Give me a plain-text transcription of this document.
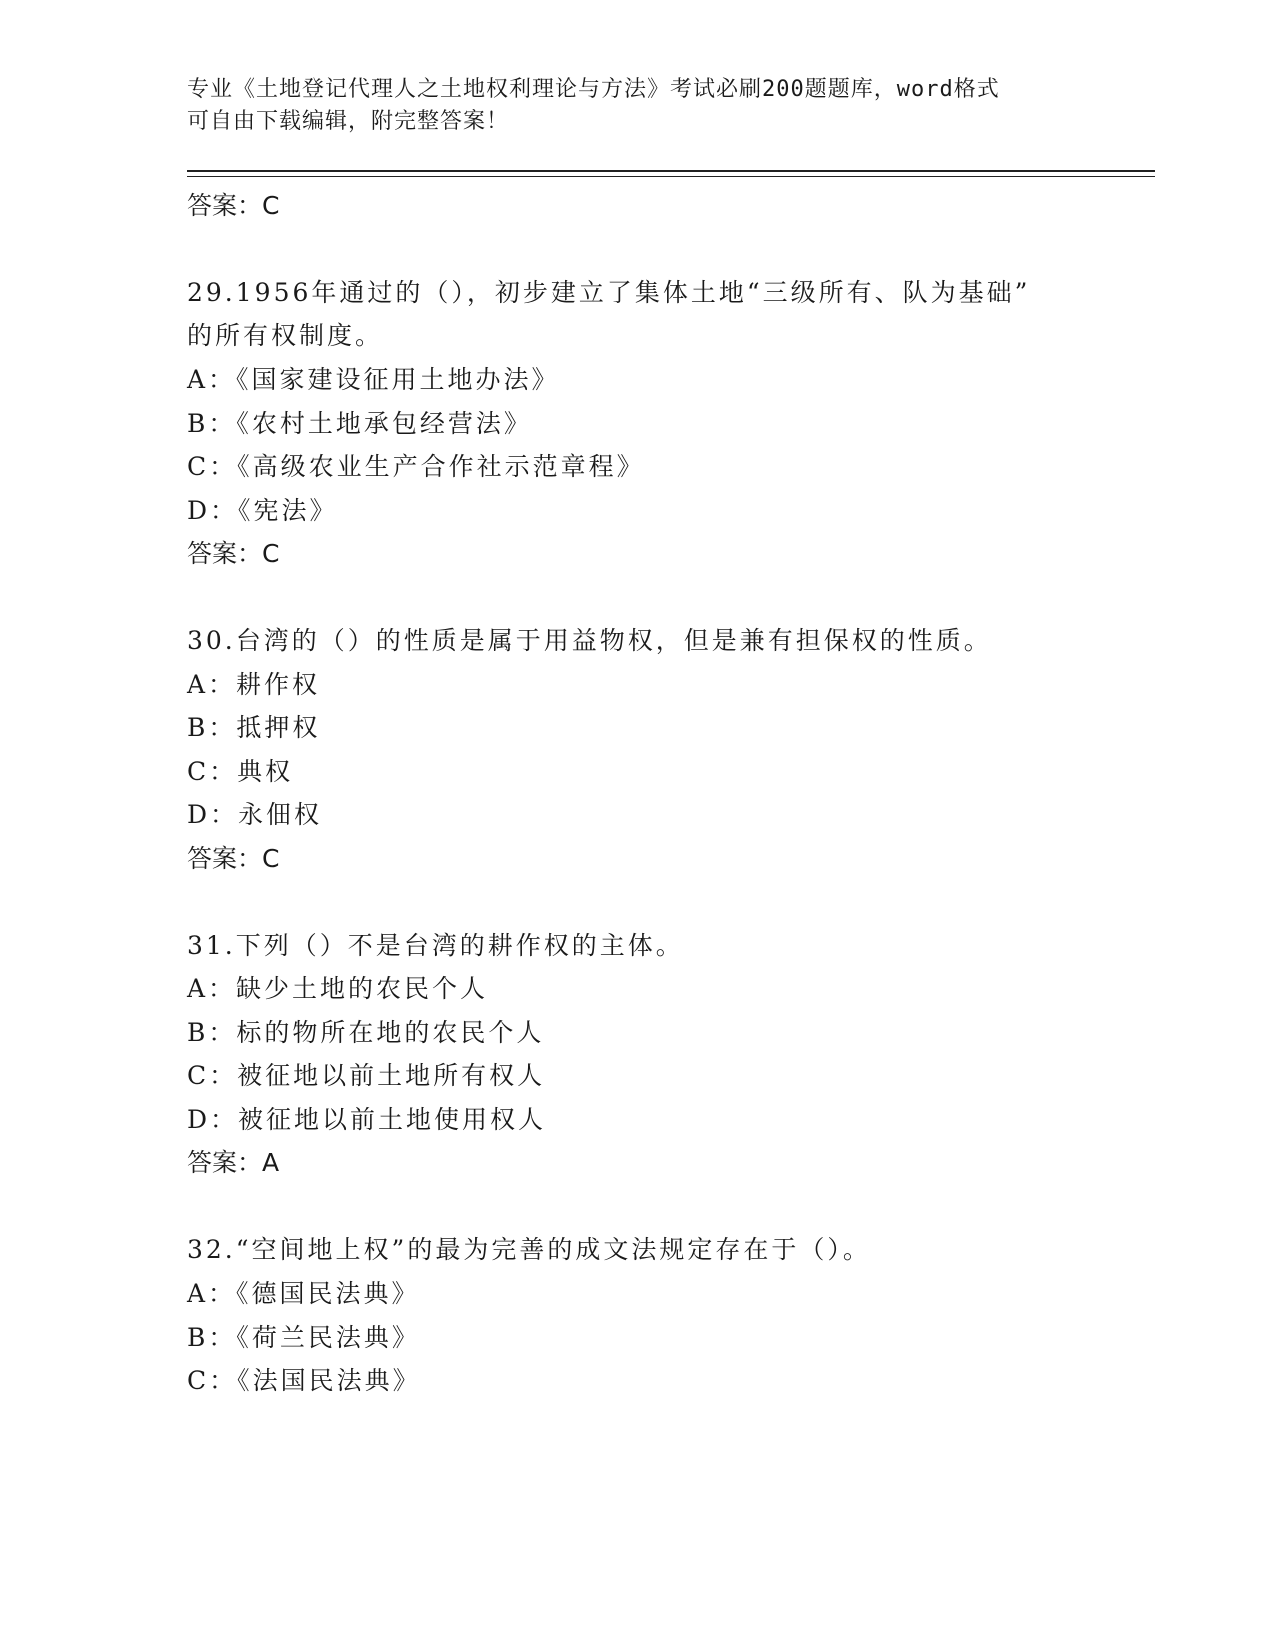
专业《土地登记代理人之土地权利理论与方法》考试必刷200题题库，word格式
可自由下载编辑，附完整答案！
答案：C
29.1956年通过的（），初步建立了集体土地“三级所有、队为基础”
的所有权制度。
A：《国家建设征用土地办法》
B：《农村土地承包经营法》
C：《高级农业生产合作社示范章程》
D：《宪法》
答案：C
30.台湾的（）的性质是属于用益物权，但是兼有担保权的性质。
A：耕作权
B：抵押权
C：典权
D：永佃权
答案：C
31.下列（）不是台湾的耕作权的主体。
A：缺少土地的农民个人
B：标的物所在地的农民个人
C：被征地以前土地所有权人
D：被征地以前土地使用权人
答案：A
32.“空间地上权”的最为完善的成文法规定存在于（）。
A：《德国民法典》
B：《荷兰民法典》
C：《法国民法典》
